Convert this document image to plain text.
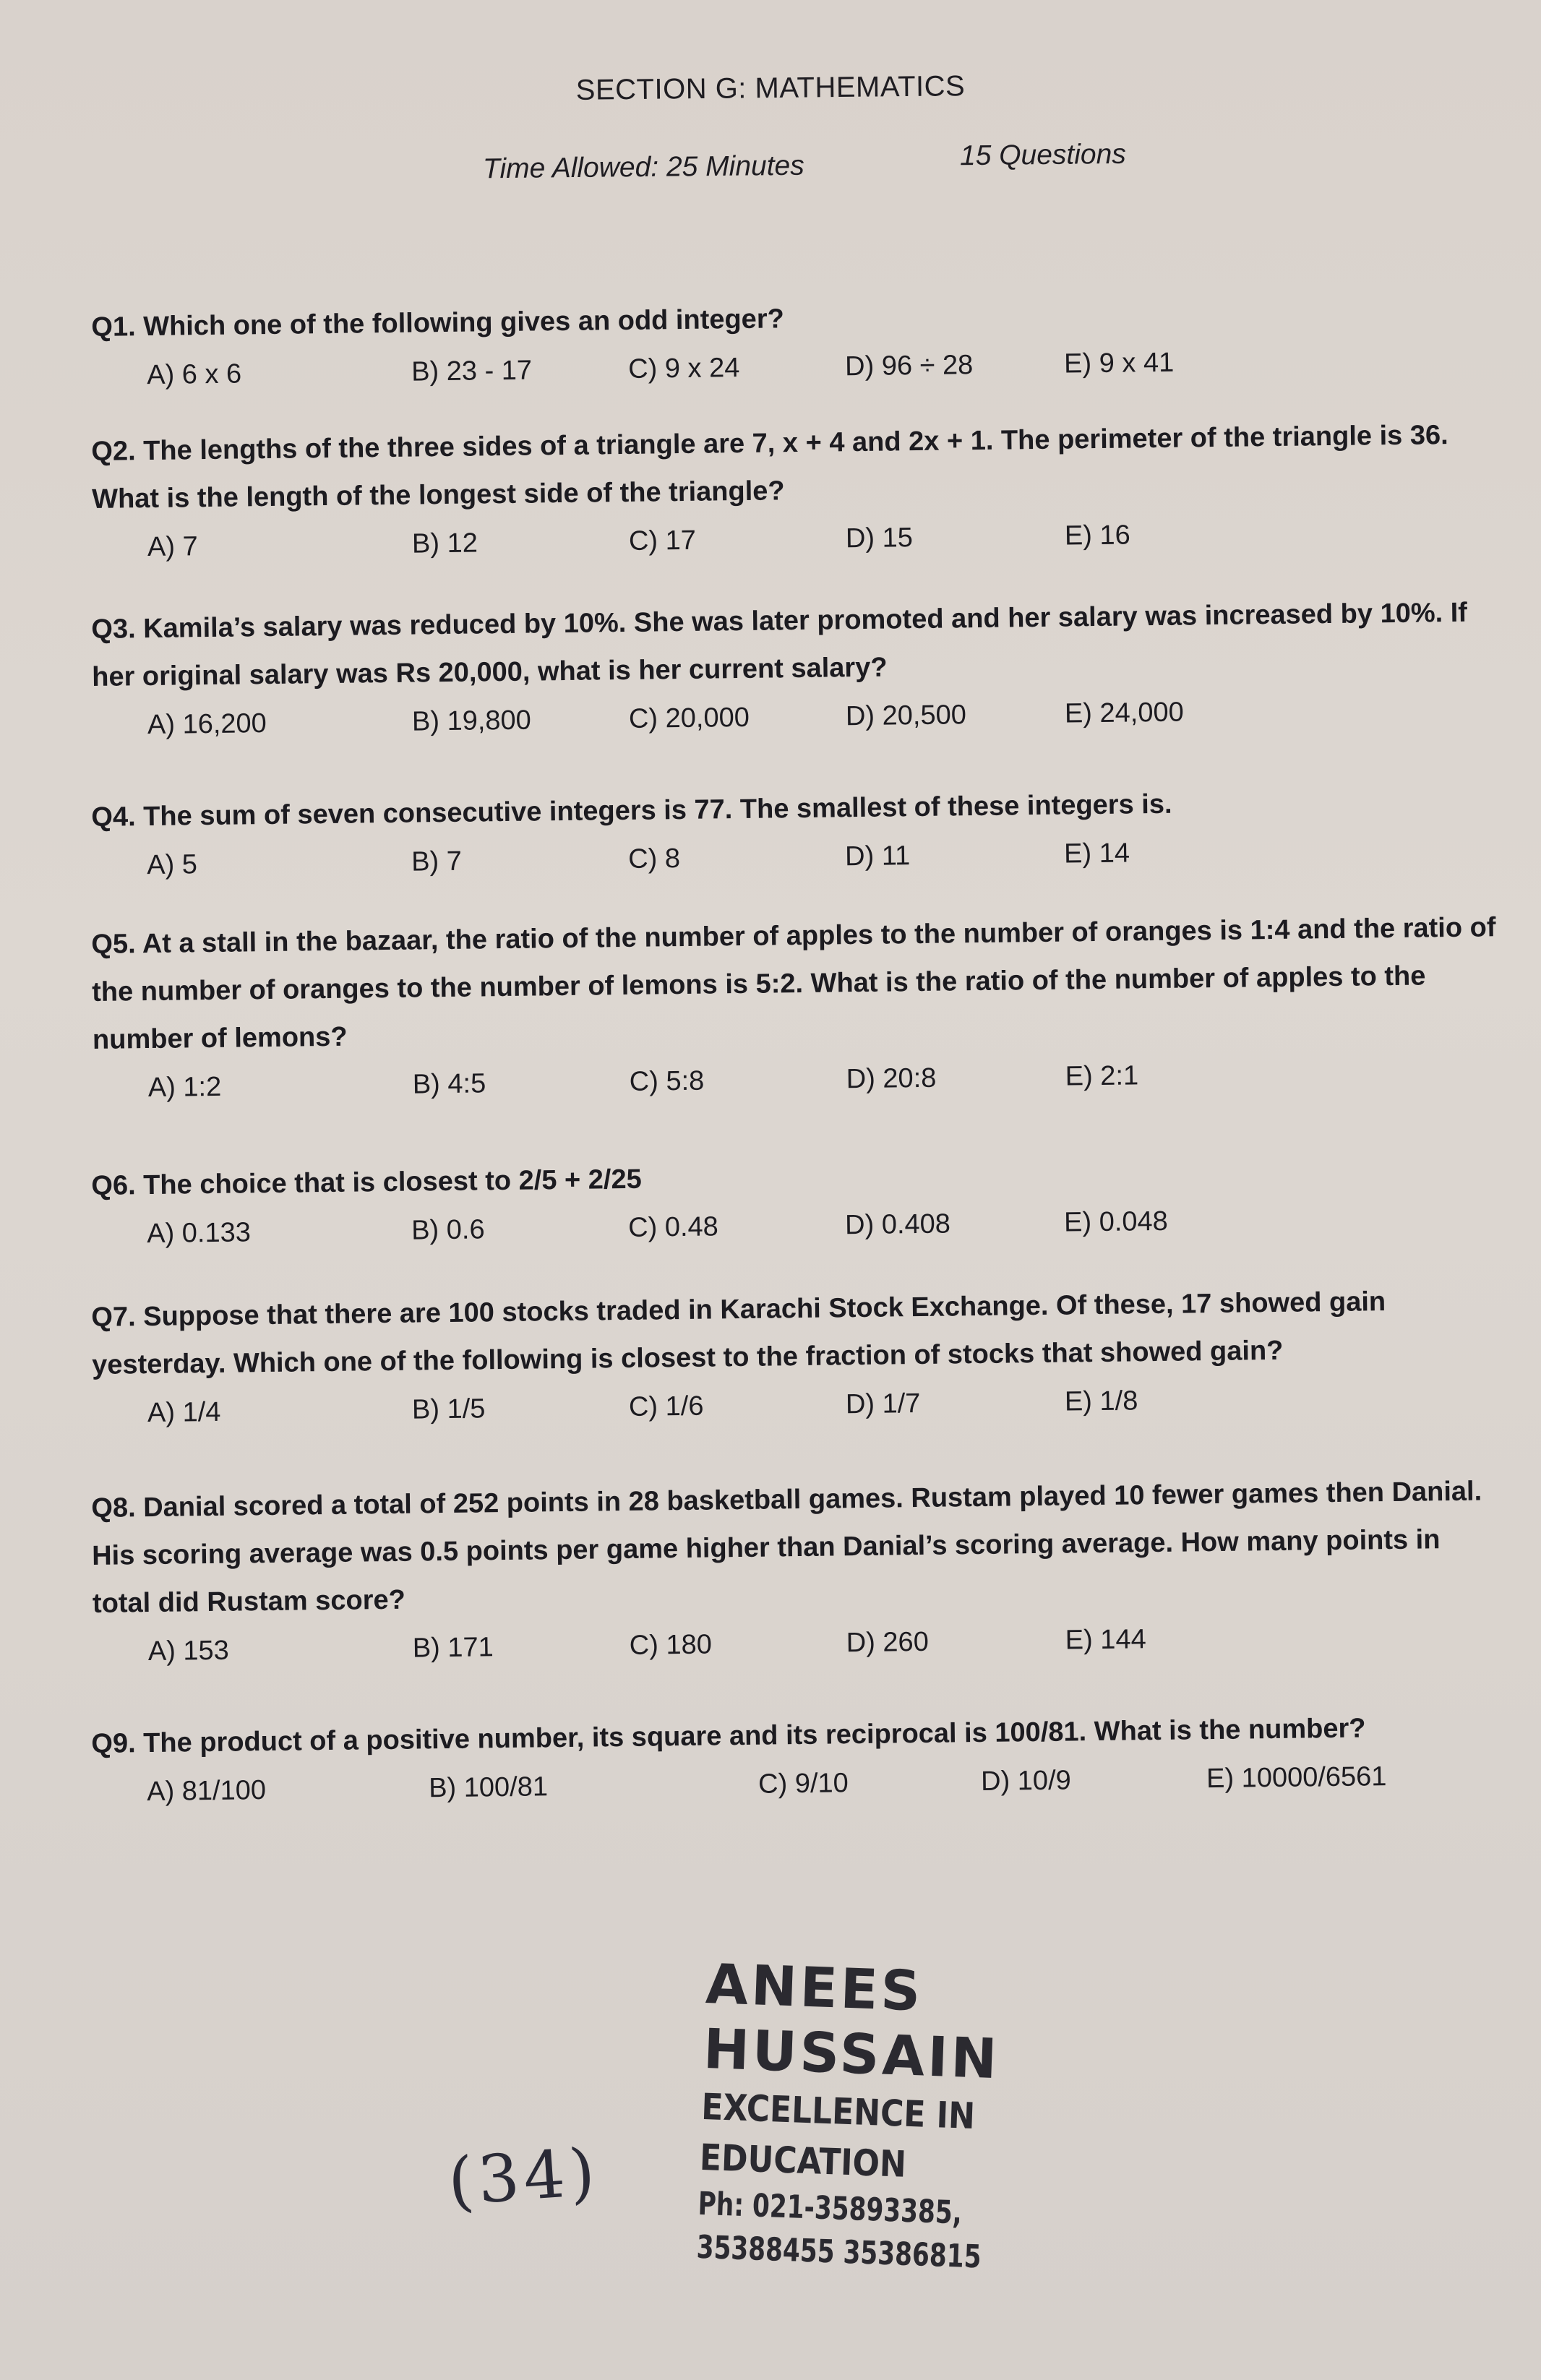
SECTION G: MATHEMATICS
Time Allowed: 25 Minutes	15 Questions

Q1. Which one of the following gives an odd integer?

A) 6 x 6	B) 23 - 17	C) 9 x 24	D) 96 ÷ 28	E) 9 x 41

Q2. The lengths of the three sides of a triangle are 7, x + 4 and 2x + 1. The perimeter of the triangle is 36. What is the length of the longest side of the triangle?

A) 7	B) 12	C) 17	D) 15	E) 16

Q3. Kamila’s salary was reduced by 10%. She was later promoted and her salary was increased by 10%. If her original salary was Rs 20,000, what is her current salary?

A) 16,200	B) 19,800	C) 20,000	D) 20,500	E) 24,000

Q4. The sum of seven consecutive integers is 77. The smallest of these integers is.

A) 5	B) 7	C) 8	D) 11	E) 14

Q5. At a stall in the bazaar, the ratio of the number of apples to the number of oranges is 1:4 and the ratio of the number of oranges to the number of lemons is 5:2. What is the ratio of the number of apples to the number of lemons?

A) 1:2	B) 4:5	C) 5:8	D) 20:8	E) 2:1

Q6. The choice that is closest to 2/5 + 2/25

A) 0.133	B) 0.6	C) 0.48	D) 0.408	E) 0.048

Q7. Suppose that there are 100 stocks traded in Karachi Stock Exchange. Of these, 17 showed gain yesterday. Which one of the following is closest to the fraction of stocks that showed gain?

A) 1/4	B) 1/5	C) 1/6	D) 1/7	E) 1/8

Q8. Danial scored a total of 252 points in 28 basketball games. Rustam played 10 fewer games then Danial. His scoring average was 0.5 points per game higher than Danial’s scoring average. How many points in total did Rustam score?

A) 153	B) 171	C) 180	D) 260	E) 144

Q9. The product of a positive number, its square and its reciprocal is 100/81. What is the number?

A) 81/100	B) 100/81	C) 9/10	D) 10/9	E) 10000/6561
ANEES HUSSAIN
EXCELLENCE IN EDUCATION
Ph: 021-35893385, 35388455 35386815
(34)
